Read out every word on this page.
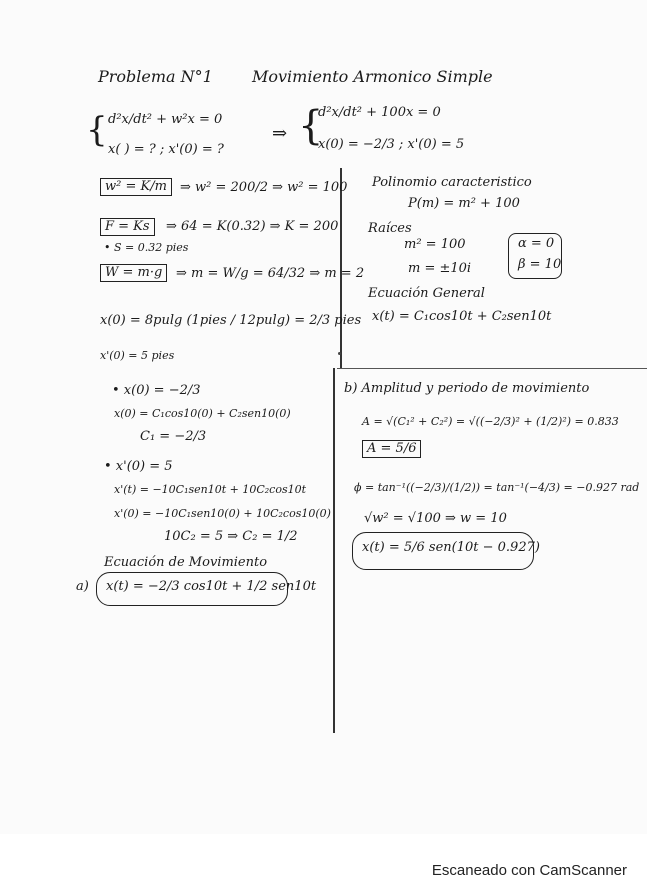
Problema N°1 Movimiento Armonico Simple
{ d²x/dt² + w²x = 0
x( ) = ? ; x'(0) = ?
⇒ {
d²x/dt² + 100x = 0
x(0) = −2/3 ; x'(0) = 5
w² = K/m	⇒ w² = 200/2 ⇒ w² = 100
F = Ks	⇒ 64 = K(0.32) ⇒ K = 200
• S = 0.32 pies
W = m·g	⇒ m = W/g = 64/32 ⇒ m = 2
x(0) = 8pulg (1pies / 12pulg) = 2/3 pies
x'(0) = 5 pies
Polinomio caracteristico
P(m) = m² + 100
Raíces
m² = 100
m = ±10i
α = 0
β = 10
Ecuación General
x(t) = C₁cos10t + C₂sen10t
• x(0) = −2/3
x(0) = C₁cos10(0) + C₂sen10(0)
C₁ = −2/3
• x'(0) = 5
x'(t) = −10C₁sen10t + 10C₂cos10t
x'(0) = −10C₁sen10(0) + 10C₂cos10(0)
10C₂ = 5 ⇒ C₂ = 1/2
Ecuación de Movimiento
a) x(t) = −2/3 cos10t + 1/2 sen10t
b) Amplitud y periodo de movimiento
A = √(C₁² + C₂²) = √((−2/3)² + (1/2)²) = 0.833
A = 5/6
ϕ = tan⁻¹((−2/3)/(1/2)) = tan⁻¹(−4/3) = −0.927 rad
√w² = √100 ⇒ w = 10
x(t) = 5/6 sen(10t − 0.927)
Escaneado con CamScanner
